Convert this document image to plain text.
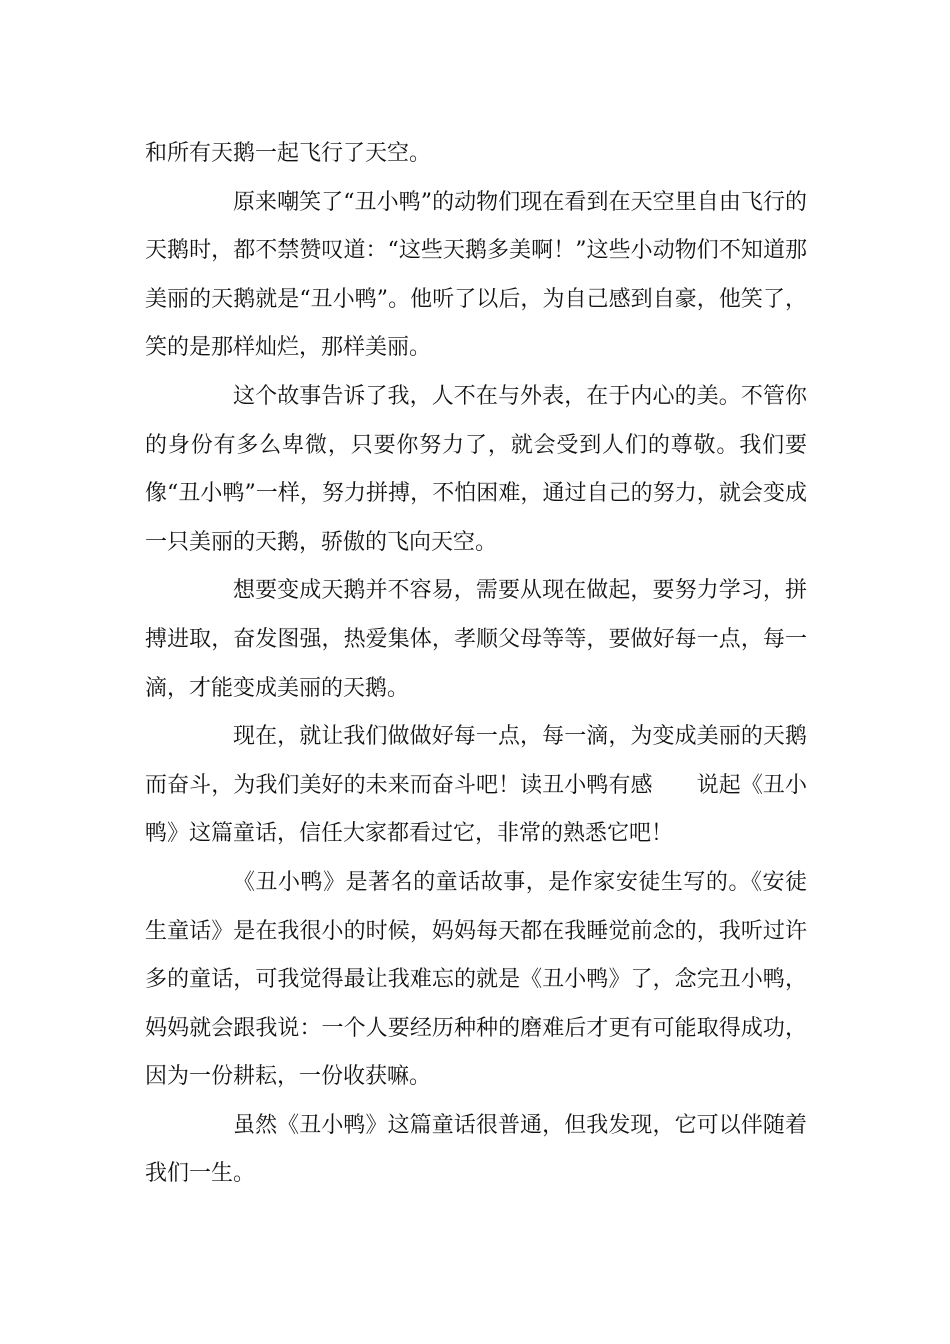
和所有天鹅一起飞行了天空。

原来嘲笑了“丑小鸭”的动物们现在看到在天空里自由飞行的天鹅时，都不禁赞叹道：“这些天鹅多美啊！”这些小动物们不知道那美丽的天鹅就是“丑小鸭”。他听了以后，为自己感到自豪，他笑了，笑的是那样灿烂，那样美丽。

这个故事告诉了我，人不在与外表，在于内心的美。不管你的身份有多么卑微，只要你努力了，就会受到人们的尊敬。我们要像“丑小鸭”一样，努力拼搏，不怕困难，通过自己的努力，就会变成一只美丽的天鹅，骄傲的飞向天空。

想要变成天鹅并不容易，需要从现在做起，要努力学习，拼搏进取，奋发图强，热爱集体，孝顺父母等等，要做好每一点，每一滴，才能变成美丽的天鹅。

现在，就让我们做做好每一点，每一滴，为变成美丽的天鹅而奋斗，为我们美好的未来而奋斗吧！读丑小鸭有感　　说起《丑小鸭》这篇童话，信任大家都看过它，非常的熟悉它吧！

《丑小鸭》是著名的童话故事，是作家安徒生写的。《安徒生童话》是在我很小的时候，妈妈每天都在我睡觉前念的，我听过许多的童话，可我觉得最让我难忘的就是《丑小鸭》了，念完丑小鸭，妈妈就会跟我说：一个人要经历种种的磨难后才更有可能取得成功，因为一份耕耘，一份收获嘛。

虽然《丑小鸭》这篇童话很普通，但我发现，它可以伴随着我们一生。
